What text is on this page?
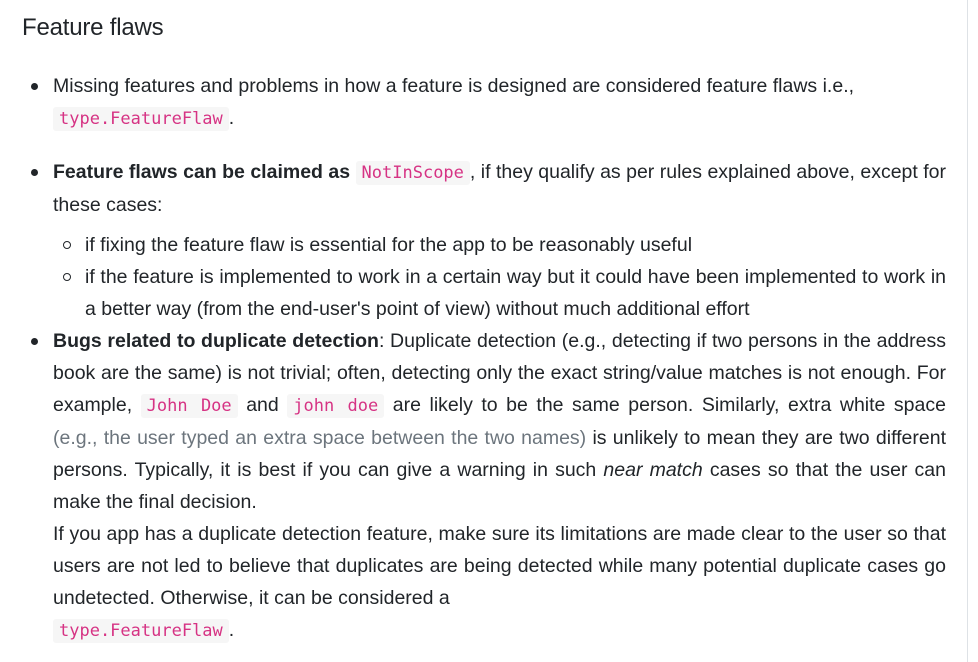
Feature flaws
Missing features and problems in how a feature is designed are considered feature flaws i.e.,
type.FeatureFlaw .
Feature flaws can be claimed as NotInScope , if they qualify as per rules explained above, except for these cases:
if fixing the feature flaw is essential for the app to be reasonably useful
if the feature is implemented to work in a certain way but it could have been implemented to work in a better way (from the end-user's point of view) without much additional effort
Bugs related to duplicate detection: Duplicate detection (e.g., detecting if two persons in the address book are the same) is not trivial; often, detecting only the exact string/value matches is not enough. For example, John Doe and john doe are likely to be the same person. Similarly, extra white space (e.g., the user typed an extra space between the two names) is unlikely to mean they are two different persons. Typically, it is best if you can give a warning in such near match cases so that the user can make the final decision.
If you app has a duplicate detection feature, make sure its limitations are made clear to the user so that users are not led to believe that duplicates are being detected while many potential duplicate cases go undetected. Otherwise, it can be considered a
type.FeatureFlaw .
